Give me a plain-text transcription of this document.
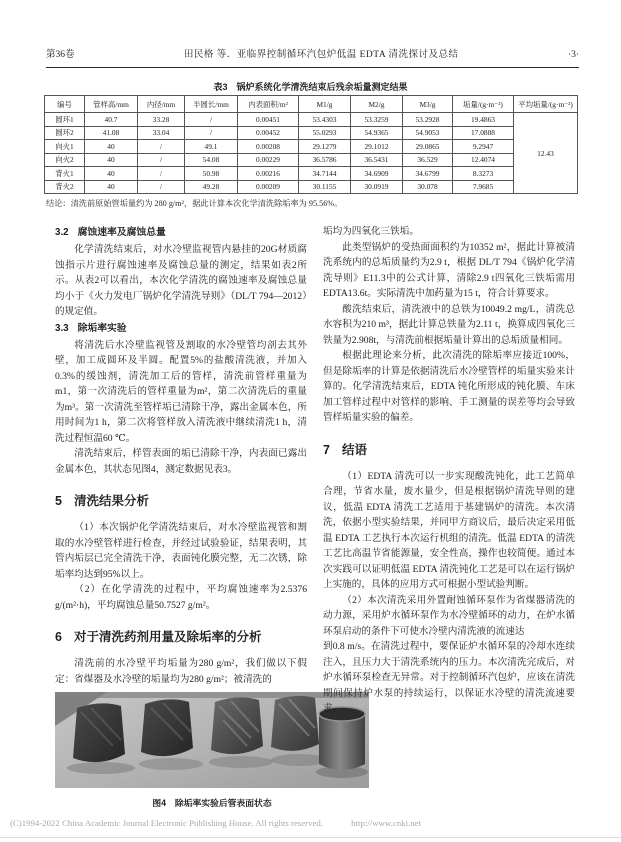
第36卷	田民格 等．亚临界控制循环汽包炉低温 EDTA 清洗探讨及总结	·3·
表3　锅炉系统化学清洗结束后残余垢量测定结果
编号	管样高/mm	内径/mm	半圆长/mm	内表面积/m²	M1/g	M2/g	M3/g	垢量/(g·m⁻²)	平均垢量/(g·m⁻²)
圆环1	40.7	33.28	/	0.00451	53.4303	53.3259	53.2928	19.4863	12.43
圆环2	41.08	33.04	/	0.00452	55.0293	54.9365	54.9053	17.0888	
向火1	40	/	49.1	0.00208	29.1279	29.1012	29.0865	9.2947	
向火2	40	/	54.08	0.00229	36.5786	36.5431	36.529	12.4074	
背火1	40	/	50.98	0.00216	34.7144	34.6909	34.6799	8.3273	
背火2	40	/	49.28	0.00209	30.1155	30.0919	30.078	7.9685	
结论：清洗前原始管垢量约为 280 g/m²，据此计算本次化学清洗除垢率为 95.56%。
3.2 腐蚀速率及腐蚀总量

化学清洗结束后，对水冷壁监视管内悬挂的20G材质腐蚀指示片进行腐蚀速率及腐蚀总量的测定，结果如表2所示。从表2可以看出，本次化学清洗的腐蚀速率及腐蚀总量均小于《火力发电厂锅炉化学清洗导则》（DL/T 794—2012）的规定值。

3.3 除垢率实验

将清洗后水冷壁监视管及割取的水冷壁管均剖去其外壁，加工成圆环及半圆。配置5%的盐酸清洗液，并加入0.3%的缓蚀剂，清洗加工后的管样，清洗前管样重量为m1，第一次清洗后的管样重量为m²，第二次清洗后的重量为m³。第一次清洗至管样垢已清除干净，露出金属本色，所用时间为1 h，第二次将管样放入清洗液中继续清洗1 h，清洗过程恒温60 ℃。

清洗结束后，样管表面的垢已清除干净，内表面已露出金属本色，其状态见图4，测定数据见表3。

5 清洗结果分析

（1）本次锅炉化学清洗结束后，对水冷壁监视管和割取的水冷壁管样进行检查，并经过试验验证，结果表明，其管内垢层已完全清洗干净，表面钝化膜完整，无二次锈，除垢率均达到95%以上。

（2）在化学清洗的过程中，平均腐蚀速率为2.5376 g/(m²·h)，平均腐蚀总量50.7527 g/m²。

6 对于清洗药剂用量及除垢率的分析

清洗前的水冷壁平均垢量为280 g/m²，我们做以下假定：省煤器及水冷壁的垢量均为280 g/m²；被清洗的

图4　除垢率实验后管表面状态

垢均为四氧化三铁垢。

此类型锅炉的受热面面积约为10352 m²，据此计算被清洗系统内的总垢质量约为2.9 t，根据 DL/T 794《锅炉化学清洗导则》E11.3中的公式计算，清除2.9 t四氧化三铁垢需用 EDTA13.6t。实际清洗中加药量为15 t，符合计算要求。

酸洗结束后，清洗液中的总铁为10049.2 mg/L，清洗总水容积为210 m³，据此计算总铁量为2.11 t，换算成四氧化三铁量为2.908t，与清洗前根据垢量计算出的总垢质量相同。

根据此理论来分析，此次清洗的除垢率应接近100%，但是除垢率的计算是依据清洗后水冷壁管样的垢量实验来计算的。化学清洗结束后，EDTA 钝化所形成的钝化膜、车床加工管样过程中对管样的影响、手工测量的误差等均会导致管样垢量实验的偏差。

7 结语

（1）EDTA 清洗可以一步实现酸洗钝化，此工艺简单合理，节省水量，废水量少，但是根据锅炉清洗导则的建议，低温 EDTA 清洗工艺适用于基建锅炉的清洗。本次清洗，依据小型实验结果，并同甲方商议后，最后决定采用低温 EDTA 工艺执行本次运行机组的清洗。低温 EDTA 的清洗工艺比高温节省能源量，安全性高，操作也较简便。通过本次实践可以证明低温 EDTA 清洗钝化工艺是可以在运行锅炉上实施的，具体的应用方式可根据小型试验判断。

（2）本次清洗采用外置耐蚀循环泵作为省煤器清洗的动力源，采用炉水循环泵作为水冷壁循环的动力，在炉水循环泵启动的条件下可使水冷壁内清洗液的流速达

到0.8 m/s。在清洗过程中，要保证炉水循环泵的冷却水连续注入，且压力大于清洗系统内的压力。本次清洗完成后，对炉水循环泵检查无异常。对于控制循环汽包炉，应该在清洗期间保持炉水泵的持续运行，以保证水冷壁的清洗流速要求。

(C)1994-2022 China Academic Journal Electronic Publishing House. All rights reserved.	http://www.cnki.net
